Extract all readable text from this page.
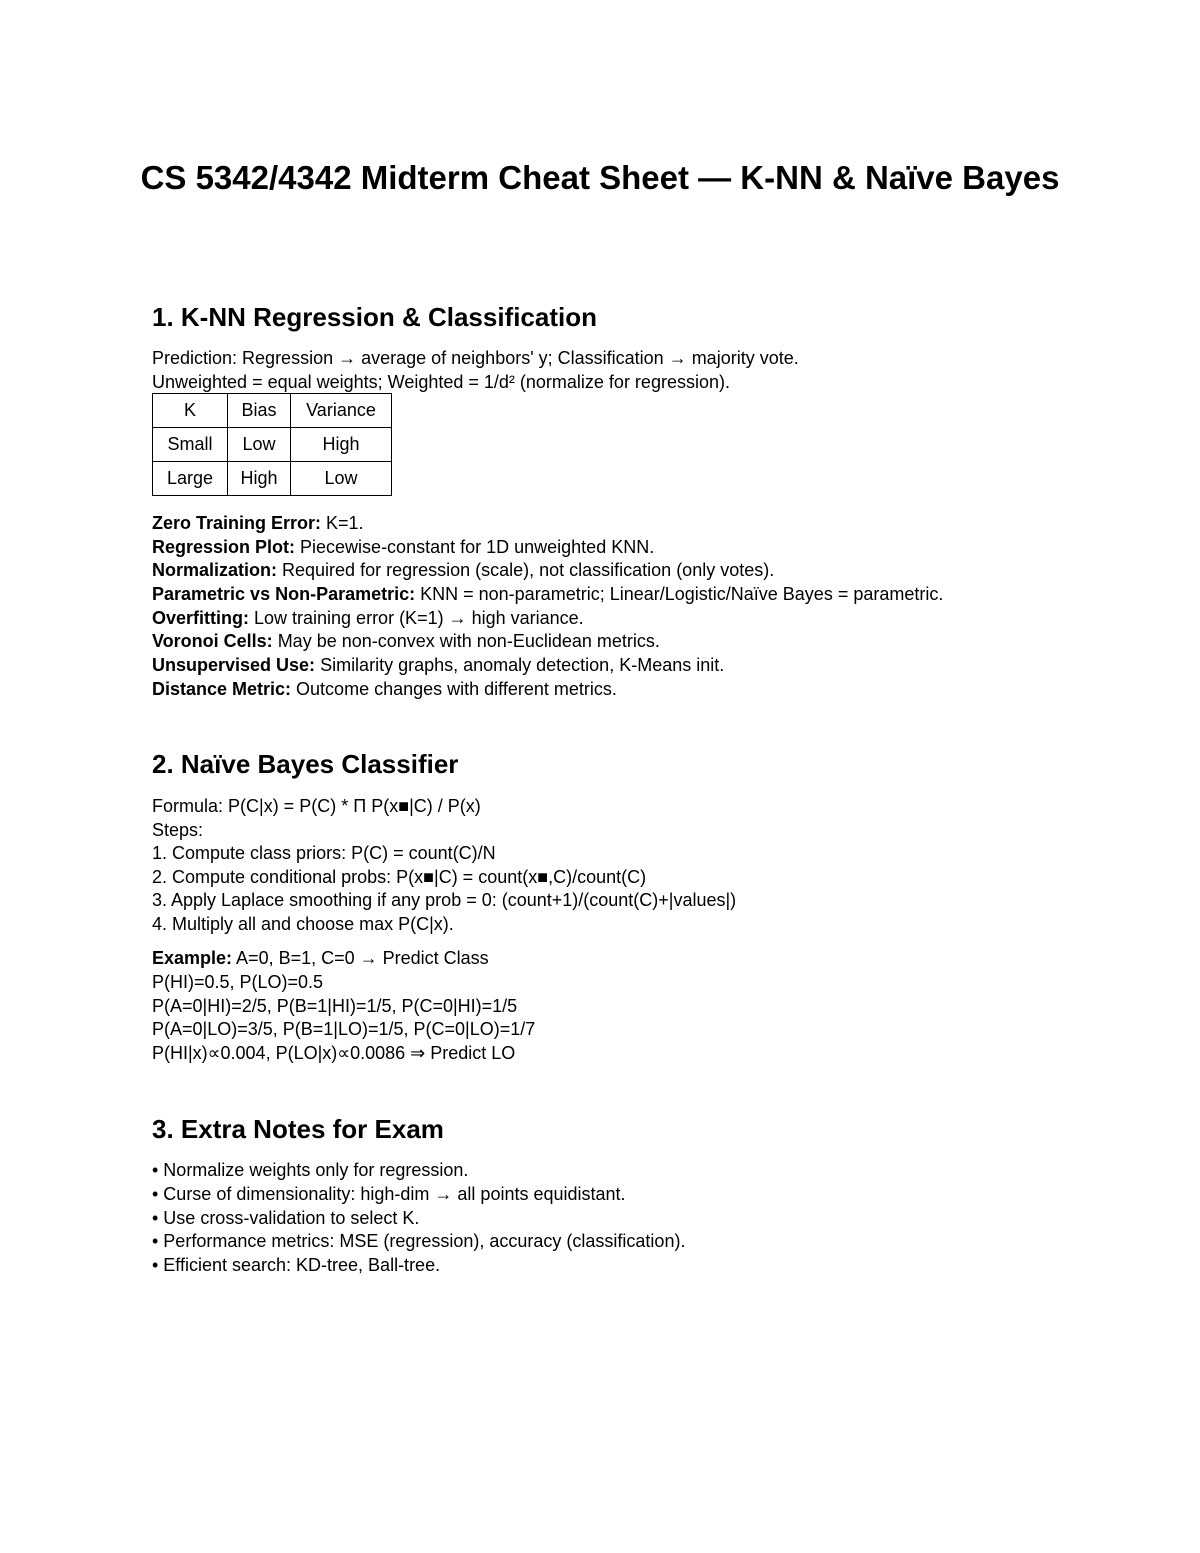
CS 5342/4342 Midterm Cheat Sheet — K-NN & Naïve Bayes
1. K-NN Regression & Classification

Prediction: Regression → average of neighbors' y; Classification → majority vote.

Unweighted = equal weights; Weighted = 1/d² (normalize for regression).

K	Bias	Variance
Small	Low	High
Large	High	Low

Zero Training Error: K=1.

Regression Plot: Piecewise-constant for 1D unweighted KNN.

Normalization: Required for regression (scale), not classification (only votes).

Parametric vs Non-Parametric: KNN = non-parametric; Linear/Logistic/Naïve Bayes = parametric.

Overfitting: Low training error (K=1) → high variance.

Voronoi Cells: May be non-convex with non-Euclidean metrics.

Unsupervised Use: Similarity graphs, anomaly detection, K-Means init.

Distance Metric: Outcome changes with different metrics.

2. Naïve Bayes Classifier

Formula: P(C|x) = P(C) * Π P(x■|C) / P(x)

Steps:

1. Compute class priors: P(C) = count(C)/N

2. Compute conditional probs: P(x■|C) = count(x■,C)/count(C)

3. Apply Laplace smoothing if any prob = 0: (count+1)/(count(C)+|values|)

4. Multiply all and choose max P(C|x).

Example: A=0, B=1, C=0 → Predict Class

P(HI)=0.5, P(LO)=0.5

P(A=0|HI)=2/5, P(B=1|HI)=1/5, P(C=0|HI)=1/5

P(A=0|LO)=3/5, P(B=1|LO)=1/5, P(C=0|LO)=1/7

P(HI|x)∝0.004, P(LO|x)∝0.0086 ⇒ Predict LO

3. Extra Notes for Exam

• Normalize weights only for regression.

• Curse of dimensionality: high-dim → all points equidistant.

• Use cross-validation to select K.

• Performance metrics: MSE (regression), accuracy (classification).

• Efficient search: KD-tree, Ball-tree.
